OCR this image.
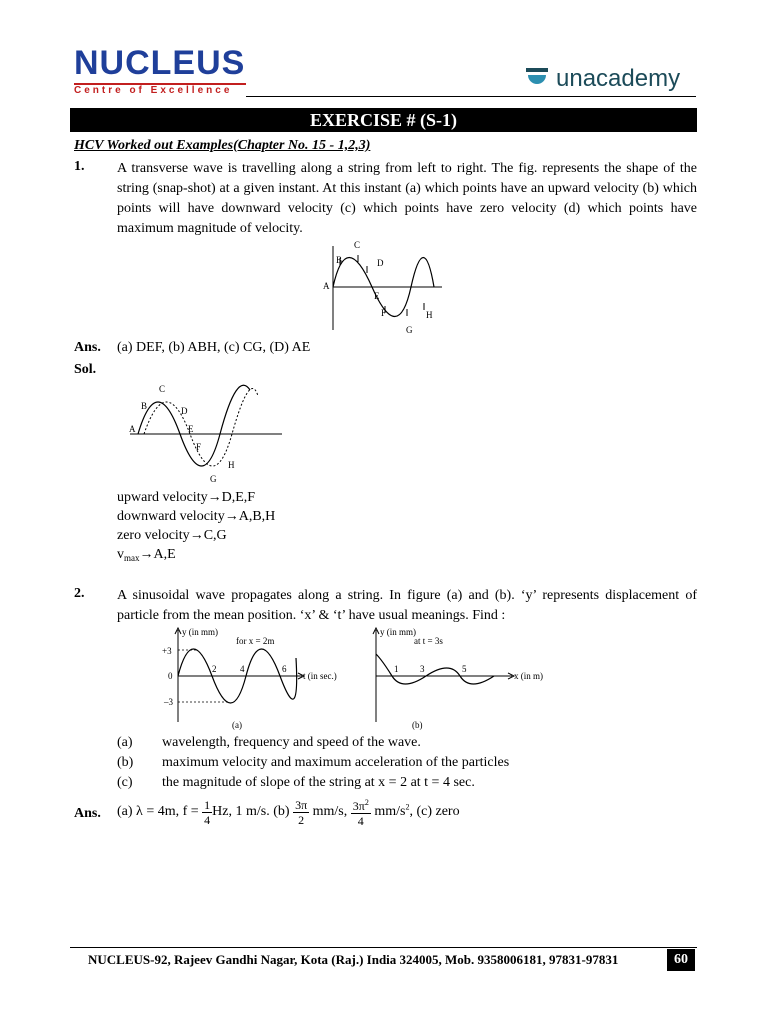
NUCLEUS
Centre of Excellence	unacademy
EXERCISE # (S-1)
HCV Worked out Examples(Chapter No. 15 - 1,2,3)
1. A transverse wave is travelling along a string from left to right. The fig. represents the shape of the string (snap-shot) at a given instant. At this instant (a) which points have an upward velocity (b) which points will have downward velocity (c) which points have zero velocity (d) which points have maximum magnitude of velocity.
C
B	D
A
E
F
G
H
Ans. (a) DEF, (b) ABH, (c) CG, (D) AE
Sol.
C
B	D
A	E
F
G
H
upward velocity→D,E,F
downward velocity→A,B,H
zero velocity→C,G
$v_{max}\to A,E$
2. A sinusoidal wave propagates along a string. In figure (a) and (b). ‘y’ represents displacement of particle from the mean position. ‘x’ & ‘t’ have usual meanings. Find :
y (in mm)
for x = 2m
+3
0
–3
2	4	6
t (in sec.)
(a)
y (in mm)
at t = 3s
1 3	5
x (in m)
(b)
(a) wavelength, frequency and speed of the wave.
(b) maximum velocity and maximum acceleration of the particles
(c) the magnitude of slope of the string at x = 2 at t = 4 sec.
Ans. (a) λ = 4m, $f = \frac{1}{4} Hz$, 1 m/s. $(b) \frac{3\pi}{2} mm/s$, $\frac{3\pi^2}{4} mm/s^2$, (c) zero
NUCLEUS-92, Rajeev Gandhi Nagar, Kota (Raj.) India 324005, Mob. 9358006181, 97831-97831	60
